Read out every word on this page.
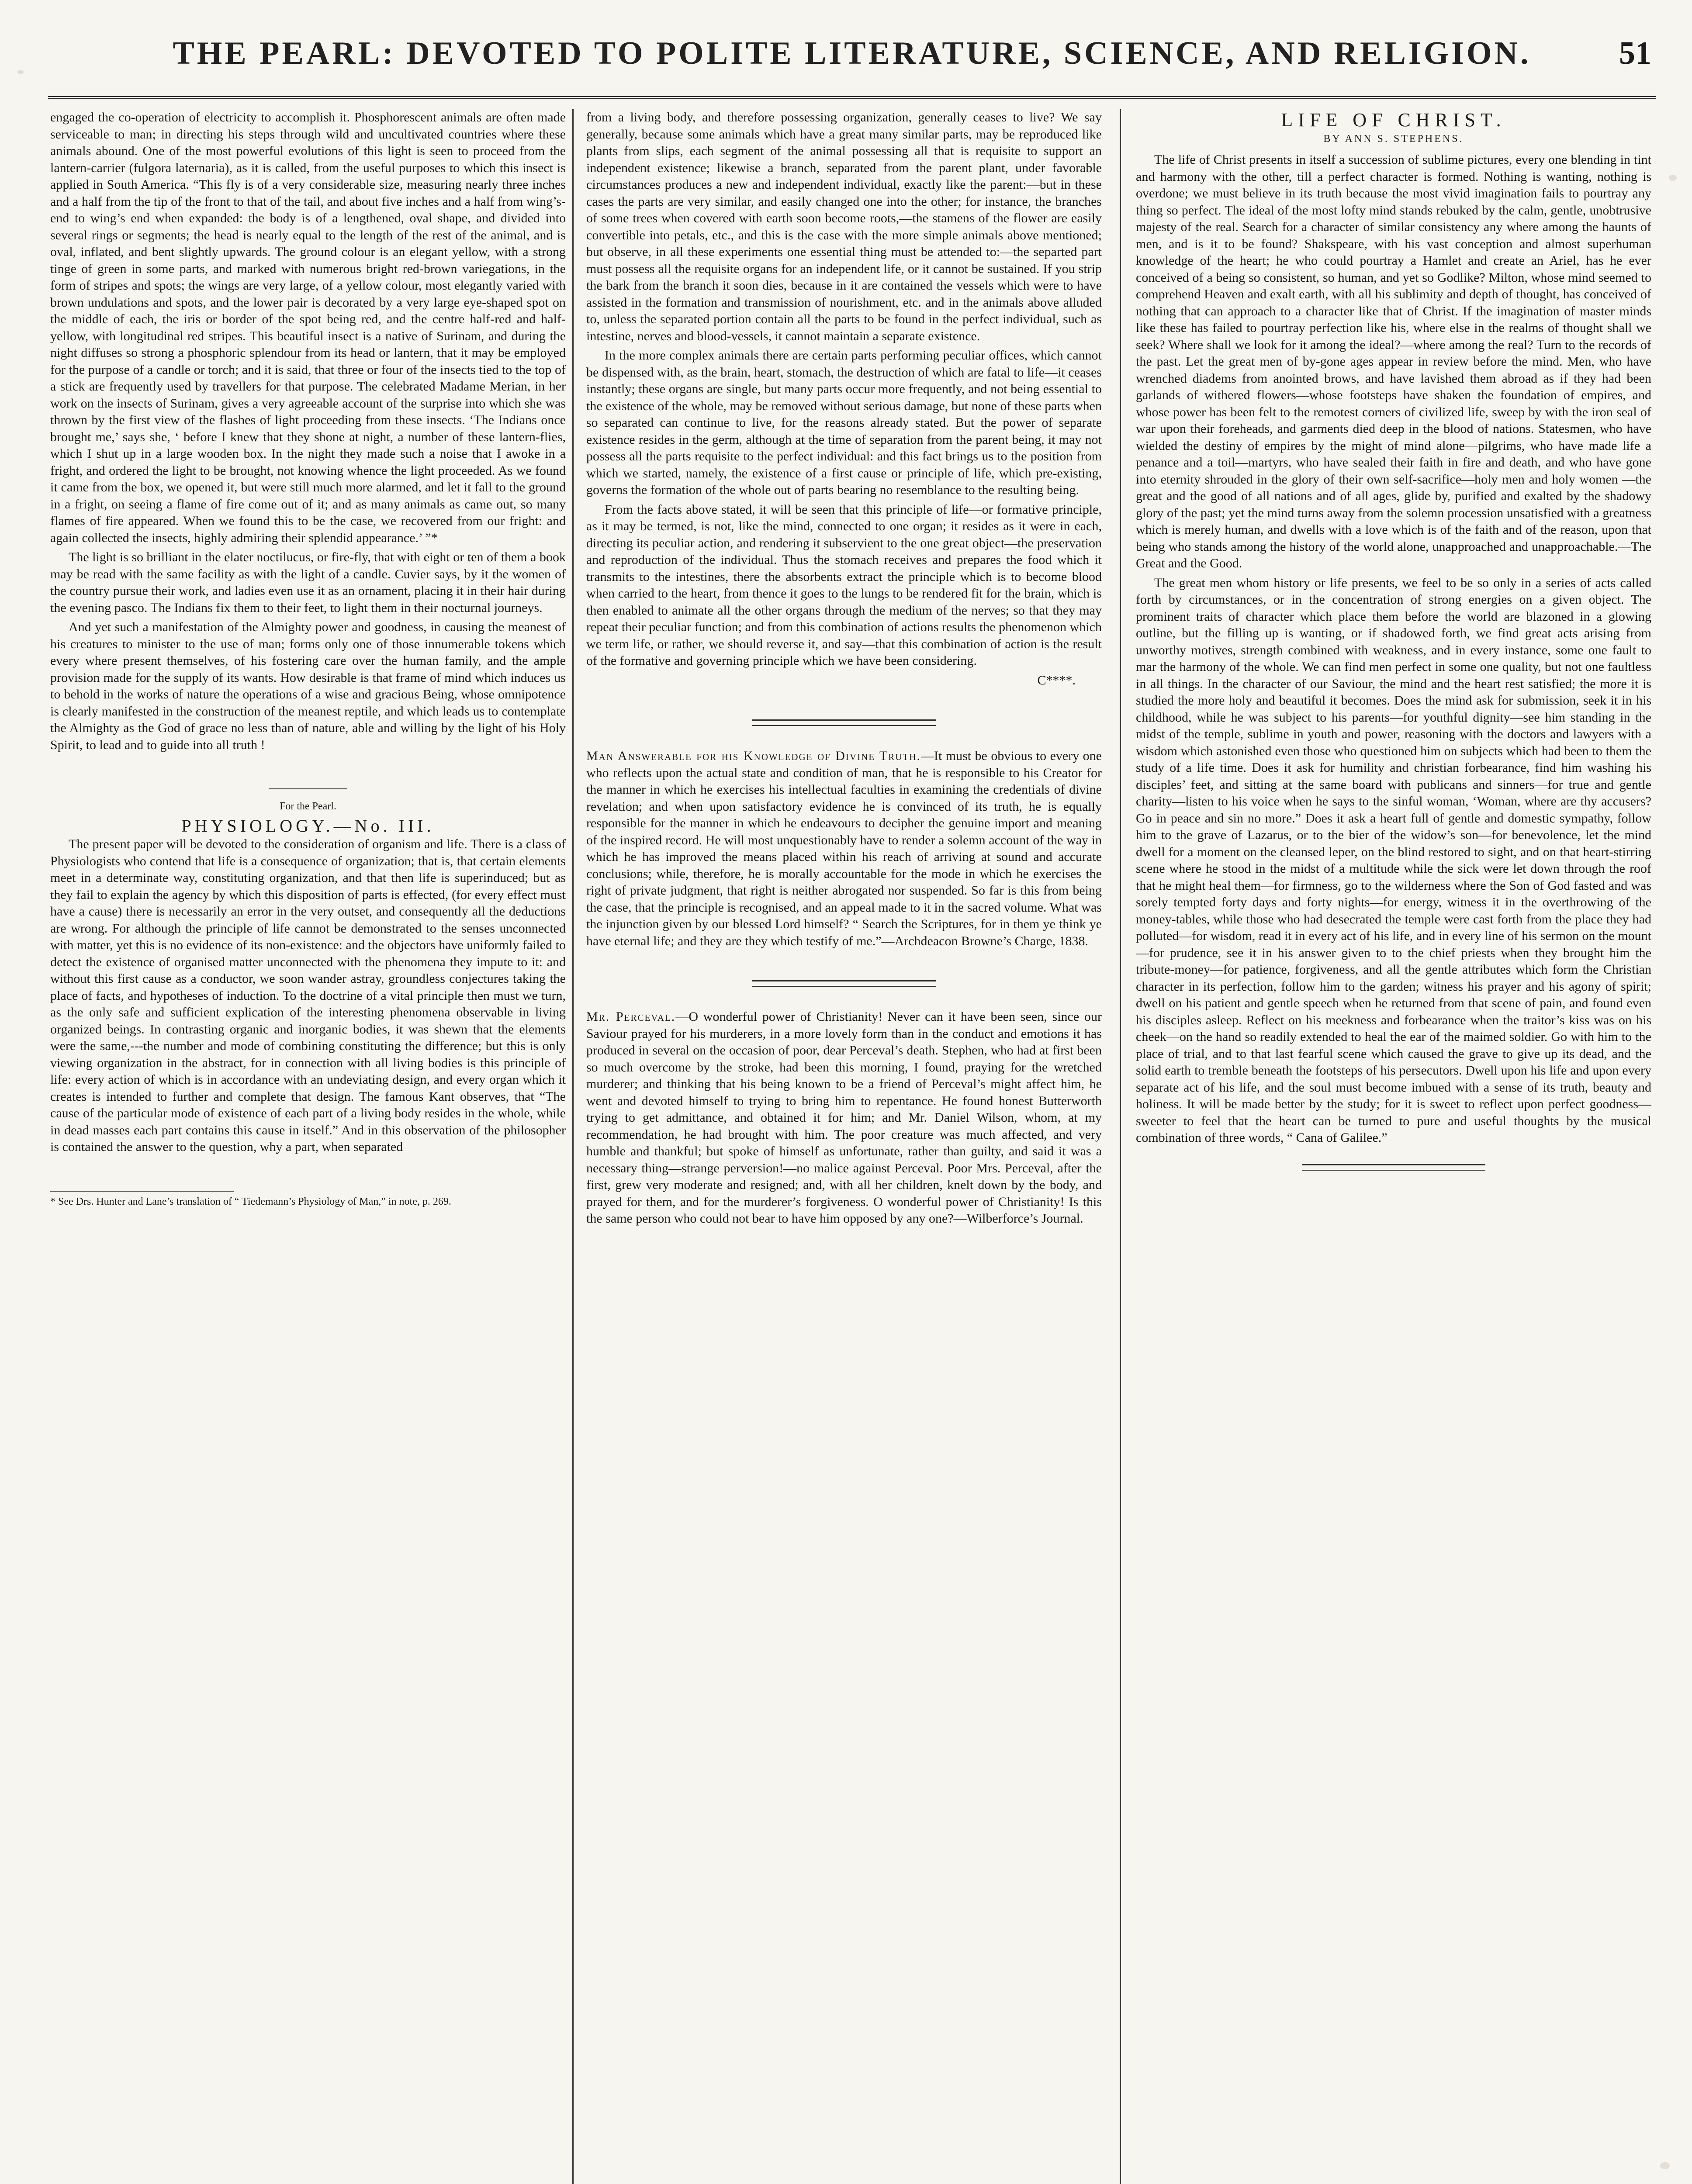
THE PEARL: DEVOTED TO POLITE LITERATURE, SCIENCE, AND RELIGION.	51

engaged the co-operation of electricity to accomplish it. Phosphorescent animals are often made serviceable to man; in directing his steps through wild and uncultivated countries where these animals abound. One of the most powerful evolutions of this light is seen to proceed from the lantern-carrier (fulgora laternaria), as it is called, from the useful purposes to which this insect is applied in South America. “This fly is of a very considerable size, measuring nearly three inches and a half from the tip of the front to that of the tail, and about five inches and a half from wing’s-end to wing’s end when expanded: the body is of a lengthened, oval shape, and divided into several rings or segments; the head is nearly equal to the length of the rest of the animal, and is oval, inflated, and bent slightly upwards. The ground colour is an elegant yellow, with a strong tinge of green in some parts, and marked with numerous bright red-brown variegations, in the form of stripes and spots; the wings are very large, of a yellow colour, most elegantly varied with brown undulations and spots, and the lower pair is decorated by a very large eye-shaped spot on the middle of each, the iris or border of the spot being red, and the centre half-red and half-yellow, with longitudinal red stripes. This beautiful insect is a native of Surinam, and during the night diffuses so strong a phosphoric splendour from its head or lantern, that it may be employed for the purpose of a candle or torch; and it is said, that three or four of the insects tied to the top of a stick are frequently used by travellers for that purpose. The celebrated Madame Merian, in her work on the insects of Surinam, gives a very agreeable account of the surprise into which she was thrown by the first view of the flashes of light proceeding from these insects. ‘The Indians once brought me,’ says she, ‘ before I knew that they shone at night, a number of these lantern-flies, which I shut up in a large wooden box. In the night they made such a noise that I awoke in a fright, and ordered the light to be brought, not knowing whence the light proceeded. As we found it came from the box, we opened it, but were still much more alarmed, and let it fall to the ground in a fright, on seeing a flame of fire come out of it; and as many animals as came out, so many flames of fire appeared. When we found this to be the case, we recovered from our fright: and again collected the insects, highly admiring their splendid appearance.’ ”*

The light is so brilliant in the elater noctilucus, or fire-fly, that with eight or ten of them a book may be read with the same facility as with the light of a candle. Cuvier says, by it the women of the country pursue their work, and ladies even use it as an ornament, placing it in their hair during the evening pasco. The Indians fix them to their feet, to light them in their nocturnal journeys.

And yet such a manifestation of the Almighty power and goodness, in causing the meanest of his creatures to minister to the use of man; forms only one of those innumerable tokens which every where present themselves, of his fostering care over the human family, and the ample provision made for the supply of its wants. How desirable is that frame of mind which induces us to behold in the works of nature the operations of a wise and gracious Being, whose omnipotence is clearly manifested in the construction of the meanest reptile, and which leads us to contemplate the Almighty as the God of grace no less than of nature, able and willing by the light of his Holy Spirit, to lead and to guide into all truth !

For the Pearl.

PHYSIOLOGY.—No. III.

The present paper will be devoted to the consideration of organism and life. There is a class of Physiologists who contend that life is a consequence of organization; that is, that certain elements meet in a determinate way, constituting organization, and that then life is superinduced; but as they fail to explain the agency by which this disposition of parts is effected, (for every effect must have a cause) there is necessarily an error in the very outset, and consequently all the deductions are wrong. For although the principle of life cannot be demonstrated to the senses unconnected with matter, yet this is no evidence of its non-existence: and the objectors have uniformly failed to detect the existence of organised matter unconnected with the phenomena they impute to it: and without this first cause as a conductor, we soon wander astray, groundless conjectures taking the place of facts, and hypotheses of induction. To the doctrine of a vital principle then must we turn, as the only safe and sufficient explication of the interesting phenomena observable in living organized beings. In contrasting organic and inorganic bodies, it was shewn that the elements were the same,---the number and mode of combining constituting the difference; but this is only viewing organization in the abstract, for in connection with all living bodies is this principle of life: every action of which is in accordance with an undeviating design, and every organ which it creates is intended to further and complete that design. The famous Kant observes, that “The cause of the particular mode of existence of each part of a living body resides in the whole, while in dead masses each part contains this cause in itself.” And in this observation of the philosopher is contained the answer to the question, why a part, when separated

* See Drs. Hunter and Lane’s translation of “ Tiedemann’s Physiology of Man,” in note, p. 269.

from a living body, and therefore possessing organization, generally ceases to live? We say generally, because some animals which have a great many similar parts, may be reproduced like plants from slips, each segment of the animal possessing all that is requisite to support an independent existence; likewise a branch, separated from the parent plant, under favorable circumstances produces a new and independent individual, exactly like the parent:—but in these cases the parts are very similar, and easily changed one into the other; for instance, the branches of some trees when covered with earth soon become roots,—the stamens of the flower are easily convertible into petals, etc., and this is the case with the more simple animals above mentioned; but observe, in all these experiments one essential thing must be attended to:—the separted part must possess all the requisite organs for an independent life, or it cannot be sustained. If you strip the bark from the branch it soon dies, because in it are contained the vessels which were to have assisted in the formation and transmission of nourishment, etc. and in the animals above alluded to, unless the separated portion contain all the parts to be found in the perfect individual, such as intestine, nerves and blood-vessels, it cannot maintain a separate existence.

In the more complex animals there are certain parts performing peculiar offices, which cannot be dispensed with, as the brain, heart, stomach, the destruction of which are fatal to life—it ceases instantly; these organs are single, but many parts occur more frequently, and not being essential to the existence of the whole, may be removed without serious damage, but none of these parts when so separated can continue to live, for the reasons already stated. But the power of separate existence resides in the germ, although at the time of separation from the parent being, it may not possess all the parts requisite to the perfect individual: and this fact brings us to the position from which we started, namely, the existence of a first cause or principle of life, which pre-existing, governs the formation of the whole out of parts bearing no resemblance to the resulting being.

From the facts above stated, it will be seen that this principle of life—or formative principle, as it may be termed, is not, like the mind, connected to one organ; it resides as it were in each, directing its peculiar action, and rendering it subservient to the one great object—the preservation and reproduction of the individual. Thus the stomach receives and prepares the food which it transmits to the intestines, there the absorbents extract the principle which is to become blood when carried to the heart, from thence it goes to the lungs to be rendered fit for the brain, which is then enabled to animate all the other organs through the medium of the nerves; so that they may repeat their peculiar function; and from this combination of actions results the phenomenon which we term life, or rather, we should reverse it, and say—that this combination of action is the result of the formative and governing principle which we have been considering.

C****.

Man Answerable for his Knowledge of Divine Truth.—It must be obvious to every one who reflects upon the actual state and condition of man, that he is responsible to his Creator for the manner in which he exercises his intellectual faculties in examining the credentials of divine revelation; and when upon satisfactory evidence he is convinced of its truth, he is equally responsible for the manner in which he endeavours to decipher the genuine import and meaning of the inspired record. He will most unquestionably have to render a solemn account of the way in which he has improved the means placed within his reach of arriving at sound and accurate conclusions; while, therefore, he is morally accountable for the mode in which he exercises the right of private judgment, that right is neither abrogated nor suspended. So far is this from being the case, that the principle is recognised, and an appeal made to it in the sacred volume. What was the injunction given by our blessed Lord himself? “ Search the Scriptures, for in them ye think ye have eternal life; and they are they which testify of me.”—Archdeacon Browne’s Charge, 1838.

Mr. Perceval.—O wonderful power of Christianity! Never can it have been seen, since our Saviour prayed for his murderers, in a more lovely form than in the conduct and emotions it has produced in several on the occasion of poor, dear Perceval’s death. Stephen, who had at first been so much overcome by the stroke, had been this morning, I found, praying for the wretched murderer; and thinking that his being known to be a friend of Perceval’s might affect him, he went and devoted himself to trying to bring him to repentance. He found honest Butterworth trying to get admittance, and obtained it for him; and Mr. Daniel Wilson, whom, at my recommendation, he had brought with him. The poor creature was much affected, and very humble and thankful; but spoke of himself as unfortunate, rather than guilty, and said it was a necessary thing—strange perversion!—no malice against Perceval. Poor Mrs. Perceval, after the first, grew very moderate and resigned; and, with all her children, knelt down by the body, and prayed for them, and for the murderer’s forgiveness. O wonderful power of Christianity! Is this the same person who could not bear to have him opposed by any one?—Wilberforce’s Journal.

LIFE OF CHRIST.

BY ANN S. STEPHENS.

The life of Christ presents in itself a succession of sublime pictures, every one blending in tint and harmony with the other, till a perfect character is formed. Nothing is wanting, nothing is overdone; we must believe in its truth because the most vivid imagination fails to pourtray any thing so perfect. The ideal of the most lofty mind stands rebuked by the calm, gentle, unobtrusive majesty of the real. Search for a character of similar consistency any where among the haunts of men, and is it to be found? Shakspeare, with his vast conception and almost superhuman knowledge of the heart; he who could pourtray a Hamlet and create an Ariel, has he ever conceived of a being so consistent, so human, and yet so Godlike? Milton, whose mind seemed to comprehend Heaven and exalt earth, with all his sublimity and depth of thought, has conceived of nothing that can approach to a character like that of Christ. If the imagination of master minds like these has failed to pourtray perfection like his, where else in the realms of thought shall we seek? Where shall we look for it among the ideal?—where among the real? Turn to the records of the past. Let the great men of by-gone ages appear in review before the mind. Men, who have wrenched diadems from anointed brows, and have lavished them abroad as if they had been garlands of withered flowers—whose footsteps have shaken the foundation of empires, and whose power has been felt to the remotest corners of civilized life, sweep by with the iron seal of war upon their foreheads, and garments died deep in the blood of nations. Statesmen, who have wielded the destiny of empires by the might of mind alone—pilgrims, who have made life a penance and a toil—martyrs, who have sealed their faith in fire and death, and who have gone into eternity shrouded in the glory of their own self-sacrifice—holy men and holy women —the great and the good of all nations and of all ages, glide by, purified and exalted by the shadowy glory of the past; yet the mind turns away from the solemn procession unsatisfied with a greatness which is merely human, and dwells with a love which is of the faith and of the reason, upon that being who stands among the history of the world alone, unapproached and unapproachable.—The Great and the Good.

The great men whom history or life presents, we feel to be so only in a series of acts called forth by circumstances, or in the concentration of strong energies on a given object. The prominent traits of character which place them before the world are blazoned in a glowing outline, but the filling up is wanting, or if shadowed forth, we find great acts arising from unworthy motives, strength combined with weakness, and in every instance, some one fault to mar the harmony of the whole. We can find men perfect in some one quality, but not one faultless in all things. In the character of our Saviour, the mind and the heart rest satisfied; the more it is studied the more holy and beautiful it becomes. Does the mind ask for submission, seek it in his childhood, while he was subject to his parents—for youthful dignity—see him standing in the midst of the temple, sublime in youth and power, reasoning with the doctors and lawyers with a wisdom which astonished even those who questioned him on subjects which had been to them the study of a life time. Does it ask for humility and christian forbearance, find him washing his disciples’ feet, and sitting at the same board with publicans and sinners—for true and gentle charity—listen to his voice when he says to the sinful woman, ‘Woman, where are thy accusers? Go in peace and sin no more.” Does it ask a heart full of gentle and domestic sympathy, follow him to the grave of Lazarus, or to the bier of the widow’s son—for benevolence, let the mind dwell for a moment on the cleansed leper, on the blind restored to sight, and on that heart-stirring scene where he stood in the midst of a multitude while the sick were let down through the roof that he might heal them—for firmness, go to the wilderness where the Son of God fasted and was sorely tempted forty days and forty nights—for energy, witness it in the overthrowing of the money-tables, while those who had desecrated the temple were cast forth from the place they had polluted—for wisdom, read it in every act of his life, and in every line of his sermon on the mount—for prudence, see it in his answer given to to the chief priests when they brought him the tribute-money—for patience, forgiveness, and all the gentle attributes which form the Christian character in its perfection, follow him to the garden; witness his prayer and his agony of spirit; dwell on his patient and gentle speech when he returned from that scene of pain, and found even his disciples asleep. Reflect on his meekness and forbearance when the traitor’s kiss was on his cheek—on the hand so readily extended to heal the ear of the maimed soldier. Go with him to the place of trial, and to that last fearful scene which caused the grave to give up its dead, and the solid earth to tremble beneath the footsteps of his persecutors. Dwell upon his life and upon every separate act of his life, and the soul must become imbued with a sense of its truth, beauty and holiness. It will be made better by the study; for it is sweet to reflect upon perfect goodness—sweeter to feel that the heart can be turned to pure and useful thoughts by the musical combination of three words, “ Cana of Galilee.”
